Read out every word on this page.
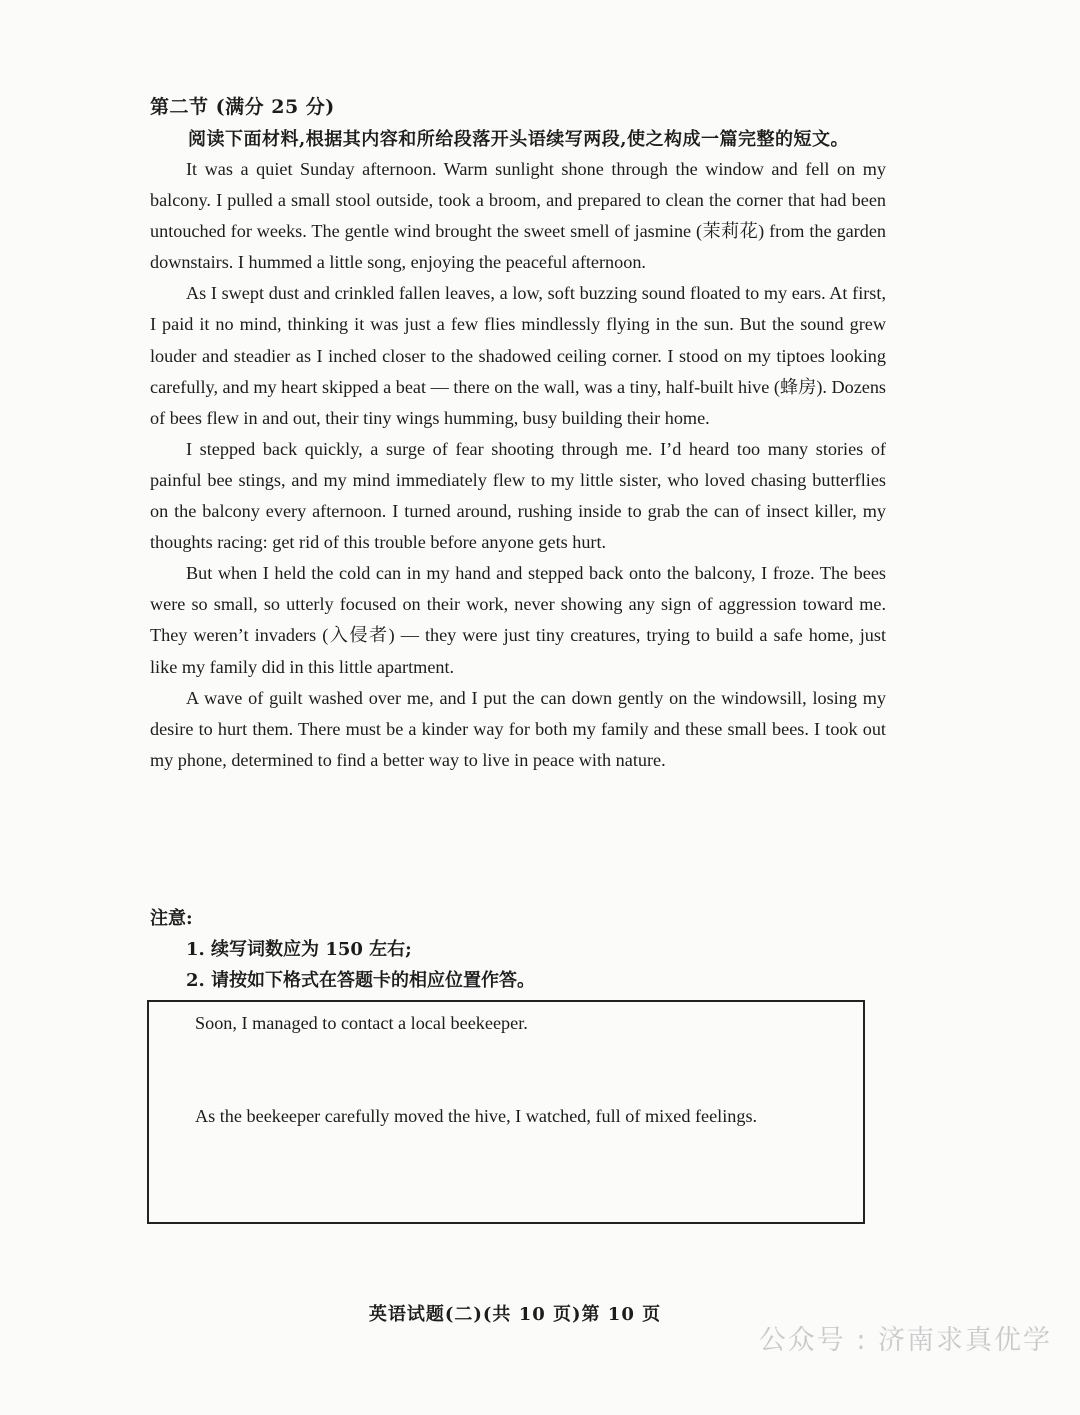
第二节 (满分 25 分)
阅读下面材料,根据其内容和所给段落开头语续写两段,使之构成一篇完整的短文。

It was a quiet Sunday afternoon. Warm sunlight shone through the window and fell on my balcony. I pulled a small stool outside, took a broom, and prepared to clean the corner that had been untouched for weeks. The gentle wind brought the sweet smell of jasmine (茉莉花) from the garden downstairs. I hummed a little song, enjoying the peaceful afternoon.

As I swept dust and crinkled fallen leaves, a low, soft buzzing sound floated to my ears. At first, I paid it no mind, thinking it was just a few flies mindlessly flying in the sun. But the sound grew louder and steadier as I inched closer to the shadowed ceiling corner. I stood on my tiptoes looking carefully, and my heart skipped a beat — there on the wall, was a tiny, half-built hive (蜂房). Dozens of bees flew in and out, their tiny wings humming, busy building their home.

I stepped back quickly, a surge of fear shooting through me. I’d heard too many stories of painful bee stings, and my mind immediately flew to my little sister, who loved chasing butterflies on the balcony every afternoon. I turned around, rushing inside to grab the can of insect killer, my thoughts racing: get rid of this trouble before anyone gets hurt.

But when I held the cold can in my hand and stepped back onto the balcony, I froze. The bees were so small, so utterly focused on their work, never showing any sign of aggression toward me. They weren’t invaders (入侵者) — they were just tiny creatures, trying to build a safe home, just like my family did in this little apartment.

A wave of guilt washed over me, and I put the can down gently on the windowsill, losing my desire to hurt them. There must be a kinder way for both my family and these small bees. I took out my phone, determined to find a better way to live in peace with nature.

注意:
1. 续写词数应为 150 左右;
2. 请按如下格式在答题卡的相应位置作答。
Soon, I managed to contact a local beekeeper.
As the beekeeper carefully moved the hive, I watched, full of mixed feelings.
英语试题(二)(共 10 页)第 10 页
公众号 : 济南求真优学
